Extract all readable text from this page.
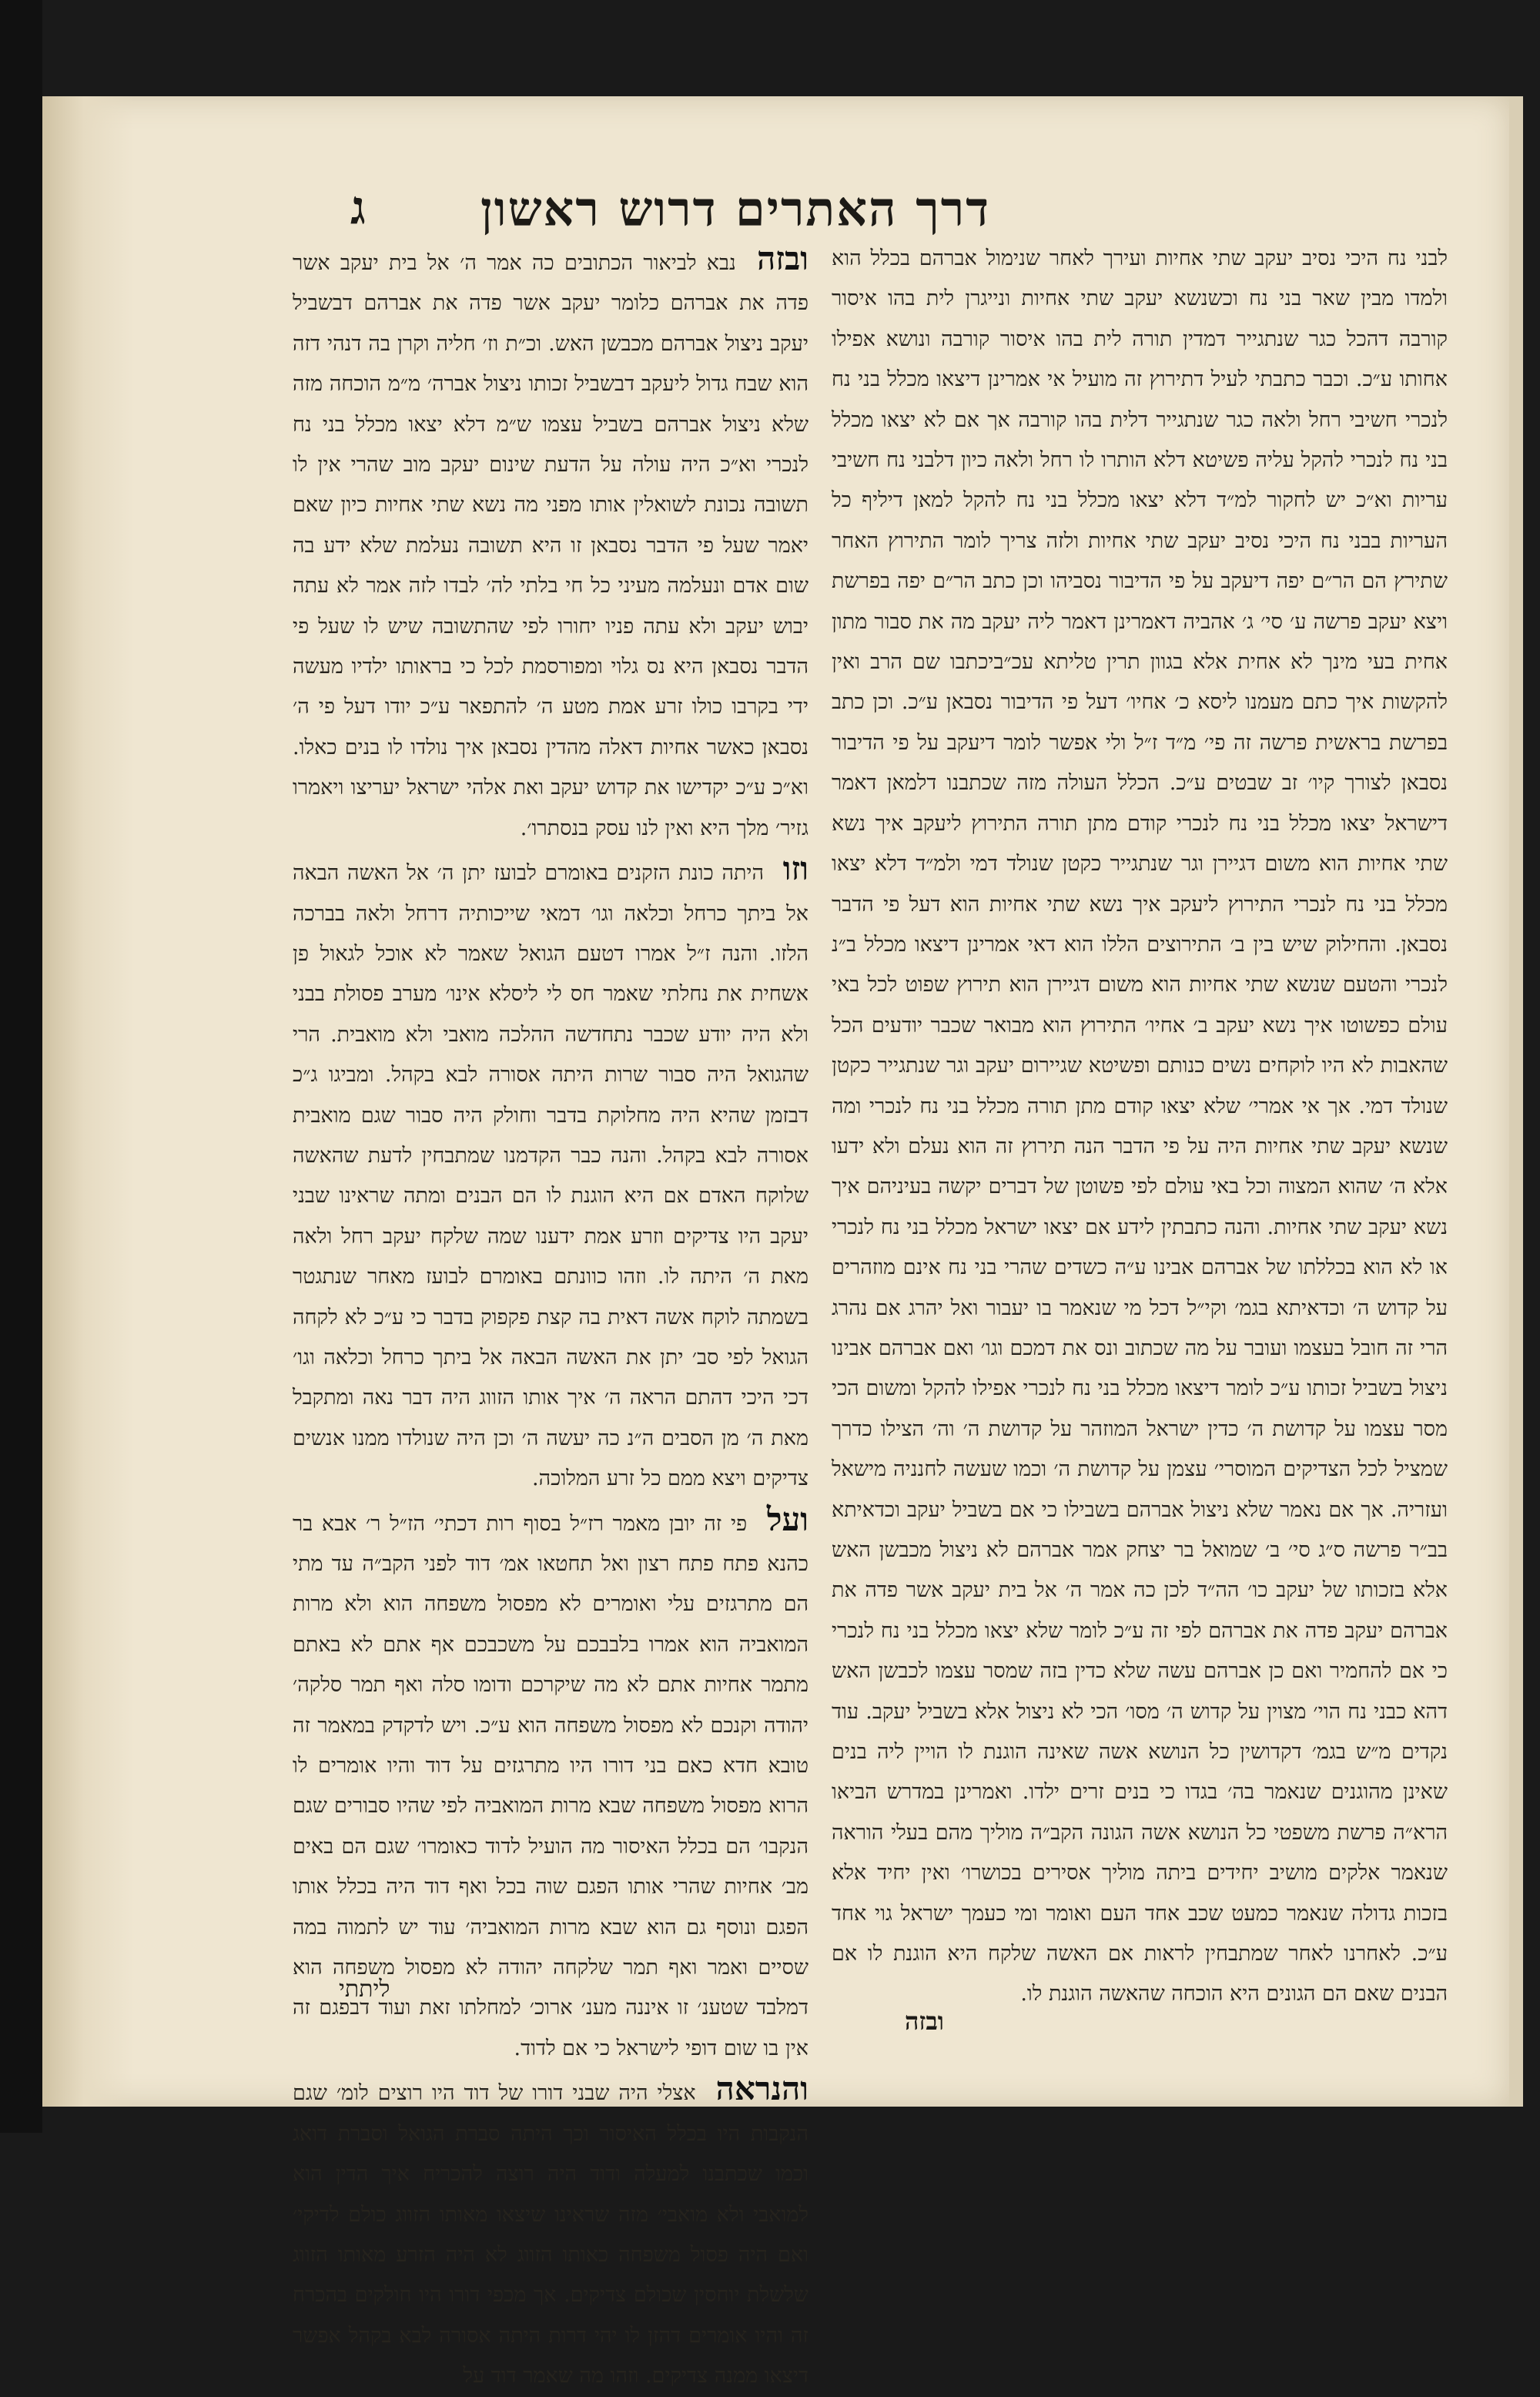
דרך האתרים דרוש ראשון
ג

לבני נח היכי נסיב יעקב שתי אחיות ועירך לאחר שנימול אברהם בכלל הוא ולמדו מבין שאר בני נח וכשנשא יעקב שתי אחיות ונייגרן לית בהו איסור קורבה דהכל כגר שנתגייר דמדין תורה לית בהו איסור קורבה ונושא אפילו אחותו ע״כ. וכבר כתבתי לעיל דתירוץ זה מועיל אי אמרינן דיצאו מכלל בני נח לנכרי חשיבי רחל ולאה כגר שנתגייר דלית בהו קורבה אך אם לא יצאו מכלל בני נח לנכרי להקל עליה פשיטא דלא הותרו לו רחל ולאה כיון דלבני נח חשיבי עריות וא״כ יש לחקור למ״ד דלא יצאו מכלל בני נח להקל למאן דיליף כל העריות בבני נח היכי נסיב יעקב שתי אחיות ולזה צריך לומר התירוץ האחר שתירץ הם הר״ם יפה דיעקב על פי הדיבור נסביהו וכן כתב הר״ם יפה בפרשת ויצא יעקב פרשה ע׳ סי׳ ג׳ אהביה דאמרינן דאמר ליה יעקב מה את סבור מתון אחית בעי מינך לא אחית אלא בגוון תרין טליתא עכ״ביכתבו שם הרב ואין להקשות איך כתם מעמנו ליסא כ׳ אחיו׳ דעל פי הדיבור נסבאן ע״כ. וכן כתב בפרשת בראשית פרשה זה פי׳ מ״ד ז״ל ולי אפשר לומר דיעקב על פי הדיבור נסבאן לצורך קיו׳ זב שבטים ע״כ. הכלל העולה מזה שכתבנו דלמאן דאמר דישראל יצאו מכלל בני נח לנכרי קודם מתן תורה התירוץ ליעקב איך נשא שתי אחיות הוא משום דגיירן וגר שנתגייר כקטן שנולד דמי ולמ״ד דלא יצאו מכלל בני נח לנכרי התירוץ ליעקב איך נשא שתי אחיות הוא דעל פי הדבר נסבאן. והחילוק שיש בין ב׳ התירוצים הללו הוא דאי אמרינן דיצאו מכלל ב״נ לנכרי והטעם שנשא שתי אחיות הוא משום דגיירן הוא תירוץ שפוט לכל באי עולם כפשוטו איך נשא יעקב ב׳ אחיו׳ התירוץ הוא מבואר שכבר יודעים הכל שהאבות לא היו לוקחים נשים כנותם ופשיטא שגיירום יעקב וגר שנתגייר כקטן שנולד דמי. אך אי אמרי׳ שלא יצאו קודם מתן תורה מכלל בני נח לנכרי ומה שנשא יעקב שתי אחיות היה על פי הדבר הנה תירוץ זה הוא נעלם ולא ידעו אלא ה׳ שהוא המצוה וכל באי עולם לפי פשוטן של דברים יקשה בעיניהם איך נשא יעקב שתי אחיות. והנה כתבתין לידע אם יצאו ישראל מכלל בני נח לנכרי או לא הוא בכללתו של אברהם אבינו ע״ה כשדים שהרי בני נח אינם מוזהרים על קדוש ה׳ וכדאיתא בגמ׳ וקי״ל דכל מי שנאמר בו יעבור ואל יהרג אם נהרג הרי זה חובל בעצמו ועובר על מה שכתוב ונס את דמכם וגו׳ ואם אברהם אבינו ניצול בשביל זכותו ע״כ לומר דיצאו מכלל בני נח לנכרי אפילו להקל ומשום הכי מסר עצמו על קדושת ה׳ כדין ישראל המוזהר על קדושת ה׳ וה׳ הצילו כדרך שמציל לכל הצדיקים המוסרי׳ עצמן על קדושת ה׳ וכמו שעשה לחנניה מישאל ועזריה. אך אם נאמר שלא ניצול אברהם בשבילו כי אם בשביל יעקב וכדאיתא בב״ר פרשה ס״ג סי׳ ב׳ שמואל בר יצחק אמר אברהם לא ניצול מכבשן האש אלא בזכותו של יעקב כו׳ הה״ד לכן כה אמר ה׳ אל בית יעקב אשר פדה את אברהם יעקב פדה את אברהם לפי זה ע״כ לומר שלא יצאו מכלל בני נח לנכרי כי אם להחמיר ואם כן אברהם עשה שלא כדין בזה שמסר עצמו לכבשן האש דהא כבני נח הוי׳ מצוין על קדוש ה׳ מסו׳ הכי לא ניצול אלא בשביל יעקב. עוד נקדים מ״ש בגמ׳ דקדושין כל הנושא אשה שאינה הוגנת לו הויין ליה בנים שאינן מהוגנים שנאמר בה׳ בגדו כי בנים זרים ילדו. ואמרינן במדרש הביאו הרא״ה פרשת משפטי כל הנושא אשה הגונה הקב״ה מוליך מהם בעלי הוראה שנאמר אלקים מושיב יחידים ביתה מוליך אסירים בכושרו׳ ואין יחיד אלא בזכות גדולה שנאמר כמעט שכב אחד העם ואומר ומי כעמך ישראל גוי אחד ע״כ. לאחרנו לאחר שמתבחין לראות אם האשה שלקח היא הוגנת לו אם הבנים שאם הם הגונים היא הוכחה שהאשה הוגנת לו.

ובזה נבא לביאור הכתובים כה אמר ה׳ אל בית יעקב אשר פדה את אברהם כלומר יעקב אשר פדה את אברהם דבשביל יעקב ניצול אברהם מכבשן האש. וכ״ת וז׳ חליה וקרן בה דנהי דזה הוא שבח גדול ליעקב דבשביל זכותו ניצול אברה׳ מ״מ הוכחה מזה שלא ניצול אברהם בשביל עצמו ש״מ דלא יצאו מכלל בני נח לנכרי וא״כ היה עולה על הדעת שינום יעקב מוב שהרי אין לו תשובה נכונת לשואלין אותו מפני מה נשא שתי אחיות כיון שאם יאמר שעל פי הדבר נסבאן זו היא תשובה נעלמת שלא ידע בה שום אדם ונעלמה מעיני כל חי בלתי לה׳ לבדו לזה אמר לא עתה יבוש יעקב ולא עתה פניו יחורו לפי שהתשובה שיש לו שעל פי הדבר נסבאן היא נס גלוי ומפורסמת לכל כי בראותו ילדיו מעשה ידי בקרבו כולו זרע אמת מטע ה׳ להתפאר ע״כ יודו דעל פי ה׳ נסבאן כאשר אחיות דאלה מהדין נסבאן איך נולדו לו בנים כאלו. וא״כ ע״כ יקדישו את קדוש יעקב ואת אלהי ישראל יעריצו ויאמרו גזיר׳ מלך היא ואין לנו עסק בנסתרו׳.

וזו היתה כונת הזקנים באומרם לבועז יתן ה׳ אל האשה הבאה אל ביתך כרחל וכלאה וגו׳ דמאי שייכותיה דרחל ולאה בברכה הלזו. והנה ז״ל אמרו דטעם הגואל שאמר לא אוכל לגאול פן אשחית את נחלתי שאמר חס לי ליסלא אינו׳ מערב פסולת בבני ולא היה יודע שכבר נתחדשה ההלכה מואבי ולא מואבית. הרי שהגואל היה סבור שרות היתה אסורה לבא בקהל. ומביגו ג״כ דבזמן שהיא היה מחלוקת בדבר וחולק היה סבור שגם מואבית אסורה לבא בקהל. והנה כבר הקדמנו שמתבחין לדעת שהאשה שלוקח האדם אם היא הוגנת לו הם הבנים ומתה שראינו שבני יעקב היו צדיקים וזרע אמת ידענו שמה שלקח יעקב רחל ולאה מאת ה׳ היתה לו. וזהו כוונתם באומרם לבועז מאחר שנתגטר בשמתה לוקח אשה דאית בה קצת פקפוק בדבר כי ע״כ לא לקחה הגואל לפי סב׳ יתן את האשה הבאה אל ביתך כרחל וכלאה וגו׳ דכי היכי דהתם הראה ה׳ איך אותו הזווג היה דבר נאה ומתקבל מאת ה׳ מן הסבים ה״נ כה יעשה ה׳ וכן היה שנולדו ממנו אנשים צדיקים ויצא ממם כל זרע המלוכה.

ועל פי זה יובן מאמר רז״ל בסוף רות דכתי׳ הז״ל ר׳ אבא בר כהנא פתח פתח רצון ואל תחטאו אמ׳ דוד לפני הקב״ה עד מתי הם מתרגזים עלי ואומרים לא מפסול משפחה הוא ולא מרות המואביה הוא אמרו בלבבכם על משכבכם אף אתם לא באתם מתמר אחיות אתם לא מה שיקרכם ודומו סלה ואף תמר סלקה׳ יהודה וקנכם לא מפסול משפחה הוא ע״כ. ויש לדקדק במאמר זה טובא חדא כאם בני דורו היו מתרגזים על דוד והיו אומרים לו הרוא מפסול משפחה שבא מרות המואביה לפי שהיו סבורים שגם הנקבו׳ הם בכלל האיסור מה הועיל לדוד כאומרו׳ שגם הם באים מב׳ אחיות שהרי אותו הפגם שוה בכל ואף דוד היה בכלל אותו הפגם ונוסף גם הוא שבא מרות המואביה׳ עוד יש לתמוה במה שסיים ואמר ואף תמר שלקחה יהודה לא מפסול משפחה הוא דמלבד שטענ׳ זו איננה מענ׳ ארוכ׳ למחלתו זאת ועוד דבפגם זה אין בו שום דופי לישראל כי אם לדוד.

והנראה אצלי היה שבני דורו של דוד היו רוצים לומ׳ שגם הנקבות היו בכלל האיסור וכך היתה סברת הגואל וסברת דואג וכמו שכתבנו למעלה ודוד היה רוצה להכריח איך הדין הוא למואבי ולא מואבי׳ מזה שראינו שיצאו מאותו הזווג כולם לדיקי׳ ואם היה פסול משפחה כאותו הזווג לא היה הזרע מאותו הזווג שלשלת יוחסין שכולם צדיקים. אך מכפי דורו היו חולקים בהכרח זה והיו אומרים דהזן לו יהי דרות היתה אסורה לבא בקהל אפשר דיצאו ממנה צדיקים. וזהו מה שאמר דוד על

ובזה
ליתתי
